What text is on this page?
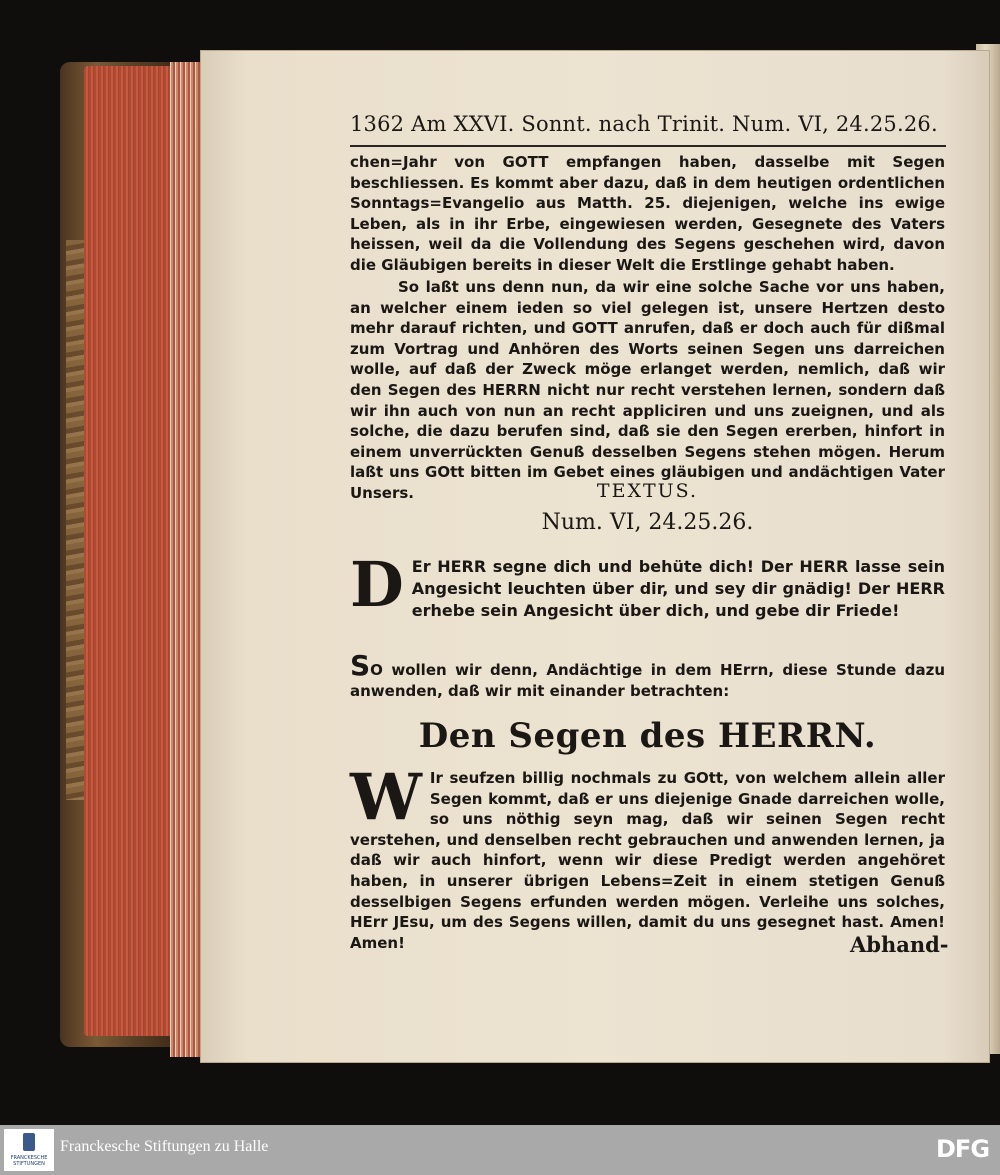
1362 Am XXVI. Sonnt. nach Trinit. Num. VI, 24.25.26.
chen=Jahr von GOTT empfangen haben, dasselbe mit Segen beschliessen. Es kommt aber dazu, daß in dem heutigen ordentlichen Sonntags=Evangelio aus Matth. 25. diejenigen, welche ins ewige Leben, als in ihr Erbe, eingewiesen werden, Gesegnete des Vaters heissen, weil da die Vollendung des Segens geschehen wird, davon die Gläubigen bereits in dieser Welt die Erstlinge gehabt haben.
So laßt uns denn nun, da wir eine solche Sache vor uns haben, an welcher einem ieden so viel gelegen ist, unsere Hertzen desto mehr darauf richten, und GOTT anrufen, daß er doch auch für dißmal zum Vortrag und Anhören des Worts seinen Segen uns darreichen wolle, auf daß der Zweck möge erlanget werden, nemlich, daß wir den Segen des HERRN nicht nur recht verstehen lernen, sondern daß wir ihn auch von nun an recht appliciren und uns zueignen, und als solche, die dazu berufen sind, daß sie den Segen ererben, hinfort in einem unverrückten Genuß desselben Segens stehen mögen. Herum laßt uns GOtt bitten im Gebet eines gläubigen und andächtigen Vater Unsers.	TEXTUS.
Num. VI, 24.25.26.
D Er HERR segne dich und behüte dich! Der HERR lasse sein Angesicht leuchten über dir, und sey dir gnädig! Der HERR erhebe sein Angesicht über dich, und gebe dir Friede!
SO wollen wir denn, Andächtige in dem HErrn, diese Stunde dazu anwenden, daß wir mit einander betrachten:
Den Segen des HERRN.
W Ir seufzen billig nochmals zu GOtt, von welchem allein aller Segen kommt, daß er uns diejenige Gnade darreichen wolle, so uns nöthig seyn mag, daß wir seinen Segen recht verstehen, und denselben recht gebrauchen und anwenden lernen, ja daß wir auch hinfort, wenn wir diese Predigt werden angehöret haben, in unserer übrigen Lebens=Zeit in einem stetigen Genuß desselbigen Segens erfunden werden mögen. Verleihe uns solches, HErr JEsu, um des Segens willen, damit du uns gesegnet hast. Amen! Amen!	Abhand-
FRANCKESCHE STIFTUNGEN
Franckesche Stiftungen zu Halle	DFG
